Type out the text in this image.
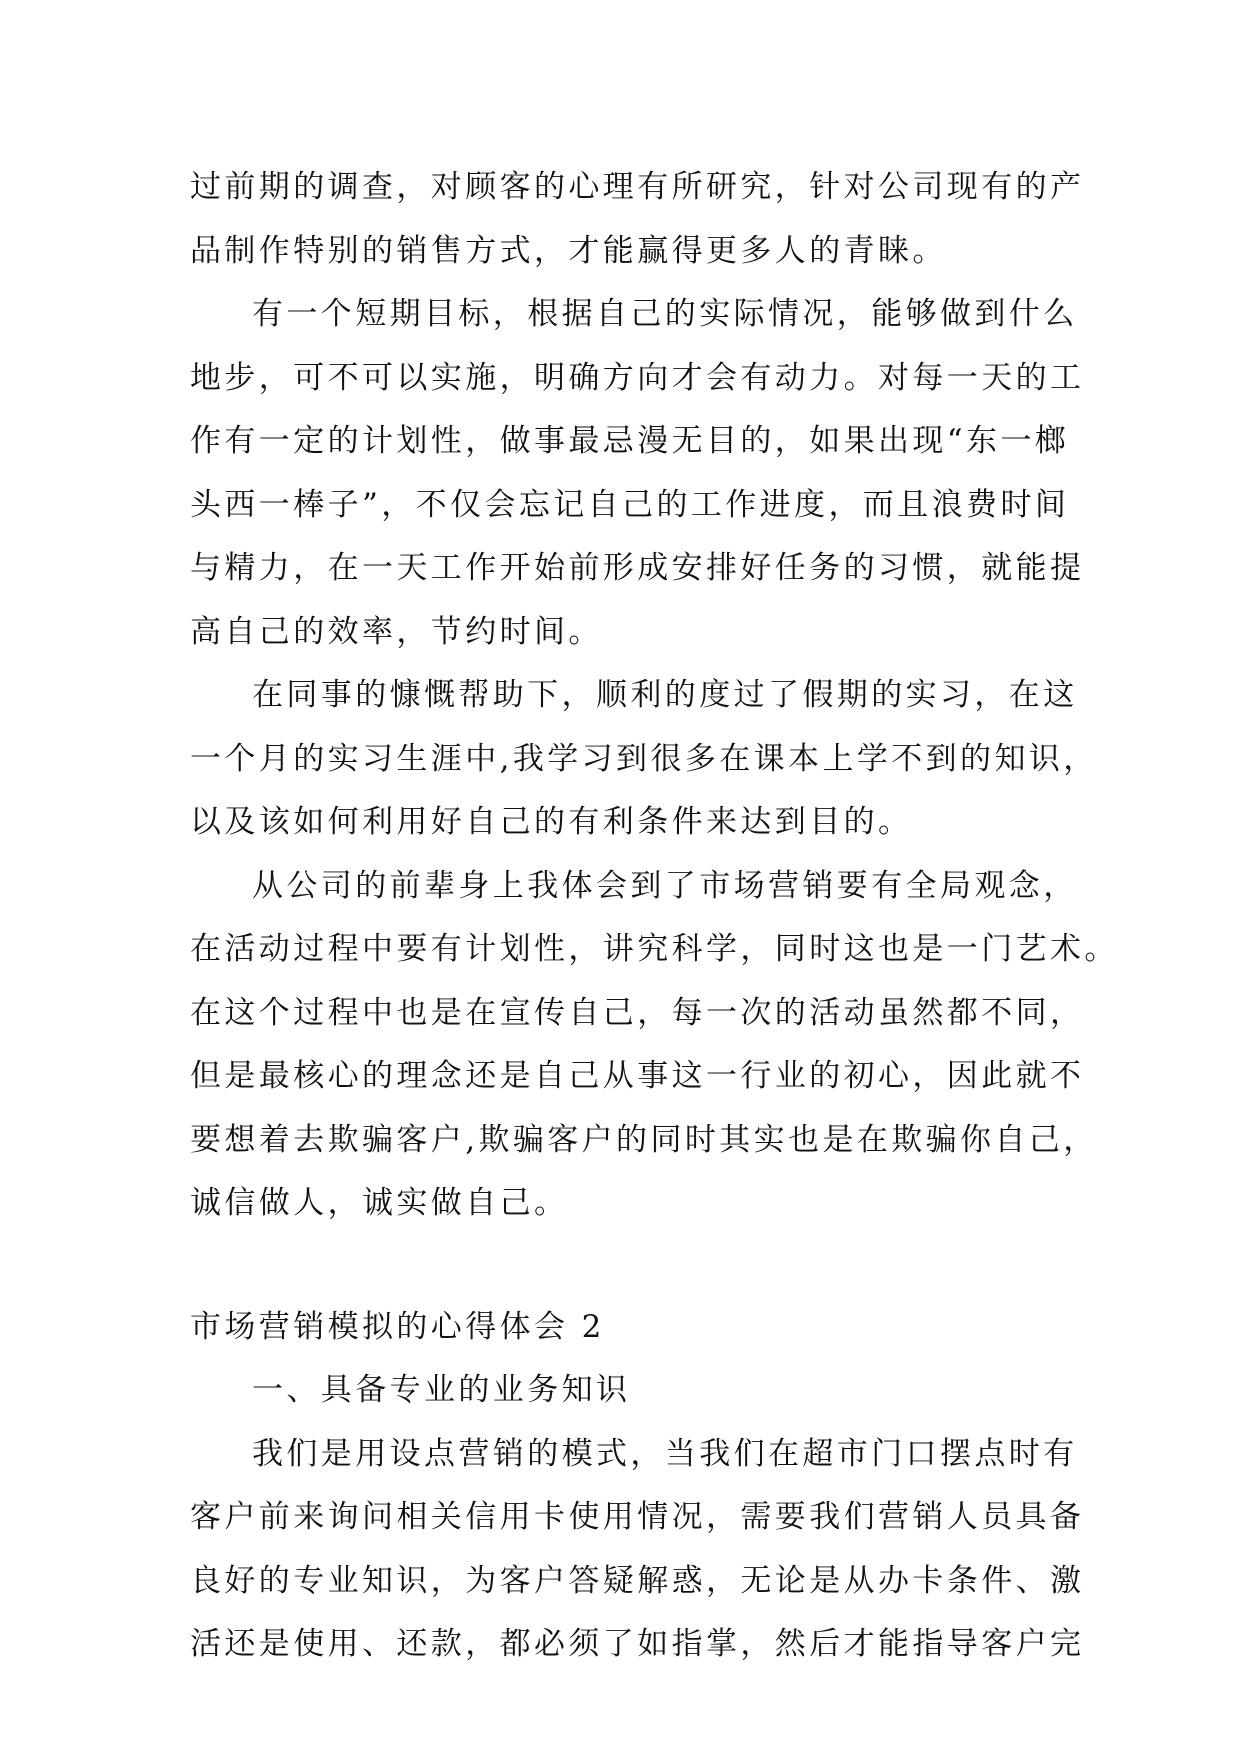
过前期的调查，对顾客的心理有所研究，针对公司现有的产
品制作特别的销售方式，才能赢得更多人的青睐。
有一个短期目标，根据自己的实际情况，能够做到什么
地步，可不可以实施，明确方向才会有动力。对每一天的工
作有一定的计划性，做事最忌漫无目的，如果出现“东一榔
头西一棒子”，不仅会忘记自己的工作进度，而且浪费时间
与精力，在一天工作开始前形成安排好任务的习惯，就能提
高自己的效率，节约时间。
在同事的慷慨帮助下，顺利的度过了假期的实习，在这
一个月的实习生涯中,我学习到很多在课本上学不到的知识，
以及该如何利用好自己的有利条件来达到目的。
从公司的前辈身上我体会到了市场营销要有全局观念，
在活动过程中要有计划性，讲究科学，同时这也是一门艺术。
在这个过程中也是在宣传自己，每一次的活动虽然都不同，
但是最核心的理念还是自己从事这一行业的初心，因此就不
要想着去欺骗客户,欺骗客户的同时其实也是在欺骗你自己，
诚信做人，诚实做自己。
市场营销模拟的心得体会 2
一、具备专业的业务知识
我们是用设点营销的模式，当我们在超市门口摆点时有
客户前来询问相关信用卡使用情况，需要我们营销人员具备
良好的专业知识，为客户答疑解惑，无论是从办卡条件、激
活还是使用、还款，都必须了如指掌，然后才能指导客户完
